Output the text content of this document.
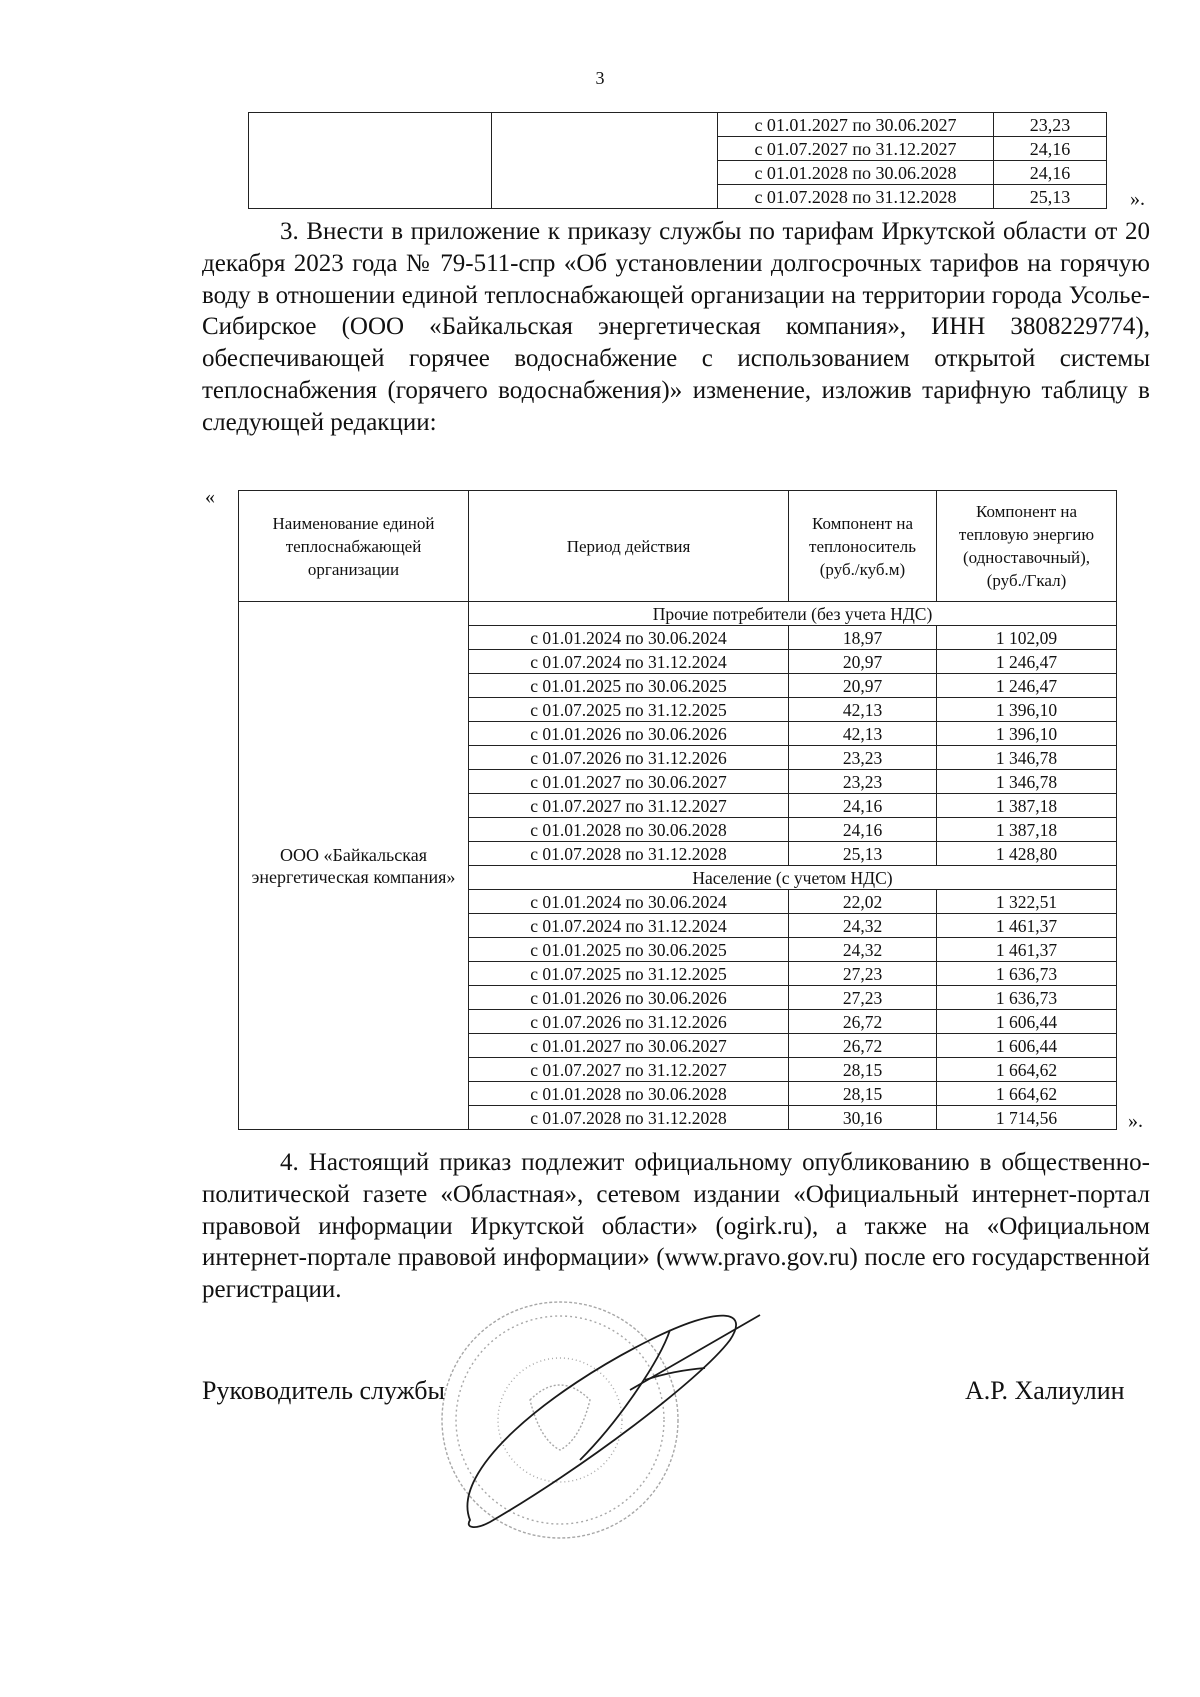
3
		с 01.01.2027 по 30.06.2027	23,23
		с 01.07.2027 по 31.12.2027	24,16
		с 01.01.2028 по 30.06.2028	24,16
		с 01.07.2028 по 31.12.2028	25,13	».

3. Внести в приложение к приказу службы по тарифам Иркутской области от 20 декабря 2023 года № 79-511-спр «Об установлении долгосрочных тарифов на горячую воду в отношении единой теплоснабжающей организации на территории города Усолье-Сибирское (ООО «Байкальская энергетическая компания», ИНН 3808229774), обеспечивающей горячее водоснабжение с использованием открытой системы теплоснабжения (горячего водоснабжения)» изменение, изложив тарифную таблицу в следующей редакции:

«
Наименование единой теплоснабжающей организации	Период действия	Компонент на теплоноситель (руб./куб.м)	Компонент на тепловую энергию (одноставочный), (руб./Гкал)
ООО «Байкальская энергетическая компания»	Прочие потребители (без учета НДС)		
	с 01.01.2024 по 30.06.2024	18,97	1 102,09
	с 01.07.2024 по 31.12.2024	20,97	1 246,47
	с 01.01.2025 по 30.06.2025	20,97	1 246,47
	с 01.07.2025 по 31.12.2025	42,13	1 396,10
	с 01.01.2026 по 30.06.2026	42,13	1 396,10
	с 01.07.2026 по 31.12.2026	23,23	1 346,78
	с 01.01.2027 по 30.06.2027	23,23	1 346,78
	с 01.07.2027 по 31.12.2027	24,16	1 387,18
	с 01.01.2028 по 30.06.2028	24,16	1 387,18
	с 01.07.2028 по 31.12.2028	25,13	1 428,80
	Население (с учетом НДС)		
	с 01.01.2024 по 30.06.2024	22,02	1 322,51
	с 01.07.2024 по 31.12.2024	24,32	1 461,37
	с 01.01.2025 по 30.06.2025	24,32	1 461,37
	с 01.07.2025 по 31.12.2025	27,23	1 636,73
	с 01.01.2026 по 30.06.2026	27,23	1 636,73
	с 01.07.2026 по 31.12.2026	26,72	1 606,44
	с 01.01.2027 по 30.06.2027	26,72	1 606,44
	с 01.07.2027 по 31.12.2027	28,15	1 664,62
	с 01.01.2028 по 30.06.2028	28,15	1 664,62
	с 01.07.2028 по 31.12.2028	30,16	1 714,56	».

4. Настоящий приказ подлежит официальному опубликованию в общественно-политической газете «Областная», сетевом издании «Официальный интернет-портал правовой информации Иркутской области» (ogirk.ru), а также на «Официальном интернет-портале правовой информации» (www.pravo.gov.ru) после его государственной регистрации.

Руководитель службы	А.Р. Халиулин
